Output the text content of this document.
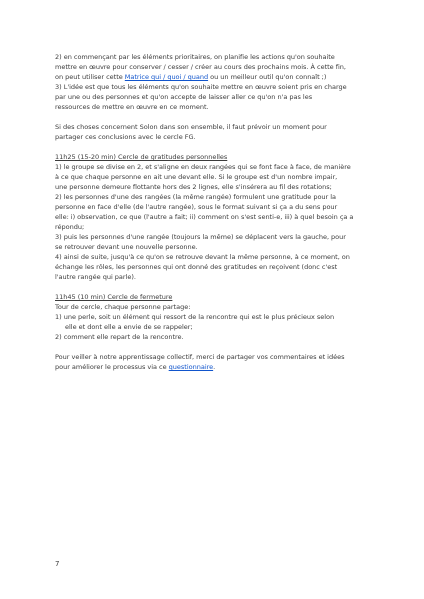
2) en commençant par les éléments prioritaires, on planifie les actions qu'on souhaite
mettre en œuvre pour conserver / cesser / créer au cours des prochains mois. À cette fin,
on peut utiliser cette Matrice qui / quoi / quand ou un meilleur outil qu'on connaît ;)

3) L'idée est que tous les éléments qu'on souhaite mettre en œuvre soient pris en charge
par une ou des personnes et qu'on accepte de laisser aller ce qu'on n'a pas les
ressources de mettre en œuvre en ce moment.

Si des choses concernent Solon dans son ensemble, il faut prévoir un moment pour
partager ces conclusions avec le cercle FG.

11h25 (15-20 min) Cercle de gratitudes personnelles

1) le groupe se divise en 2, et s'aligne en deux rangées qui se font face à face, de manière
à ce que chaque personne en ait une devant elle. Si le groupe est d'un nombre impair,
une personne demeure flottante hors des 2 lignes, elle s'insérera au fil des rotations;
2) les personnes d'une des rangées (la même rangée) formulent une gratitude pour la
personne en face d'elle (de l'autre rangée), sous le format suivant si ça a du sens pour
elle: i) observation, ce que (l'autre a fait; ii) comment on s'est senti-e, iii) à quel besoin ça a
répondu;
3) puis les personnes d'une rangée (toujours la même) se déplacent vers la gauche, pour
se retrouver devant une nouvelle personne.
4) ainsi de suite, jusqu'à ce qu'on se retrouve devant la même personne, à ce moment, on
échange les rôles, les personnes qui ont donné des gratitudes en reçoivent (donc c'est
l'autre rangée qui parle).

11h45 (10 min) Cercle de fermeture

Tour de cercle, chaque personne partage:
1) une perle, soit un élément qui ressort de la rencontre qui est le plus précieux selon
elle et dont elle a envie de se rappeler;
2) comment elle repart de la rencontre.

Pour veiller à notre apprentissage collectif, merci de partager vos commentaires et idées
pour améliorer le processus via ce questionnaire.

7
